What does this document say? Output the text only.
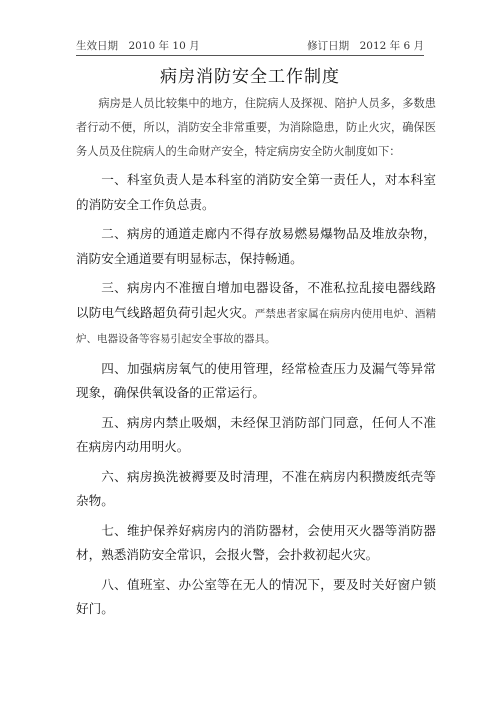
生效日期　2010 年 10 月	修订日期　2012 年 6 月
病房消防安全工作制度

病房是人员比较集中的地方，住院病人及探视、陪护人员多，多数患者行动不便，所以，消防安全非常重要，为消除隐患，防止火灾，确保医务人员及住院病人的生命财产安全，特定病房安全防火制度如下：

一、科室负责人是本科室的消防安全第一责任人，对本科室的消防安全工作负总责。

二、病房的通道走廊内不得存放易燃易爆物品及堆放杂物，消防安全通道要有明显标志，保持畅通。

三、病房内不准擅自增加电器设备，不准私拉乱接电器线路以防电气线路超负荷引起火灾。严禁患者家属在病房内使用电炉、酒精炉、电器设备等容易引起安全事故的器具。

四、加强病房氧气的使用管理，经常检查压力及漏气等异常现象，确保供氧设备的正常运行。

五、病房内禁止吸烟，未经保卫消防部门同意，任何人不准在病房内动用明火。

六、病房换洗被褥要及时清理，不准在病房内积攒废纸壳等杂物。

七、维护保养好病房内的消防器材，会使用灭火器等消防器材，熟悉消防安全常识，会报火警，会扑救初起火灾。

八、值班室、办公室等在无人的情况下，要及时关好窗户锁好门。
